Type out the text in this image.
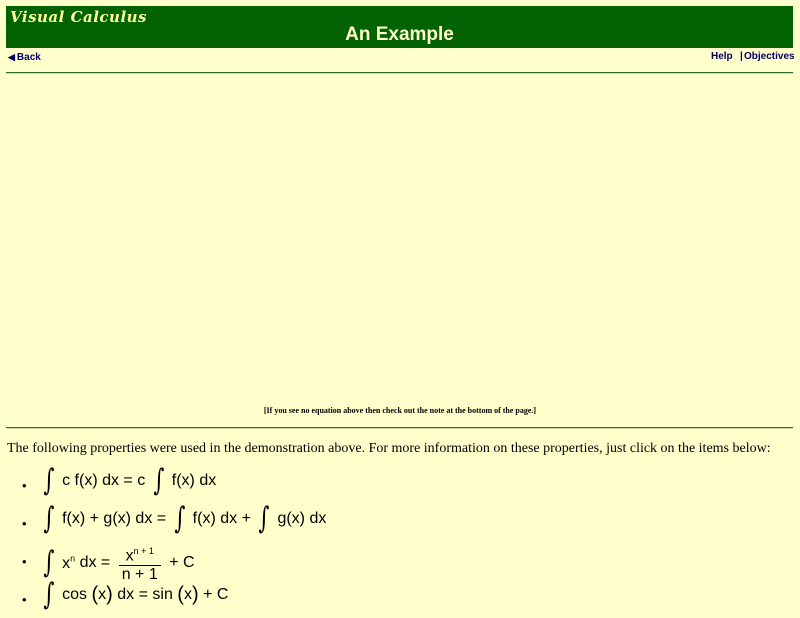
Visual Calculus
An Example
◀ Back	Help | Objectives
[If you see no equation above then check out the note at the bottom of the page.]
The following properties were used in the demonstration above. For more information on these properties, just click on the items below:
• ∫ c f(x) dx = c ∫ f(x) dx
• ∫ f(x) + g(x) dx = ∫ f(x) dx + ∫ g(x) dx
• ∫ $x^n$ dx = $\frac{x^{n + 1}}{n + 1} + C$
• ∫ cos (x) dx = sin (x) + C
